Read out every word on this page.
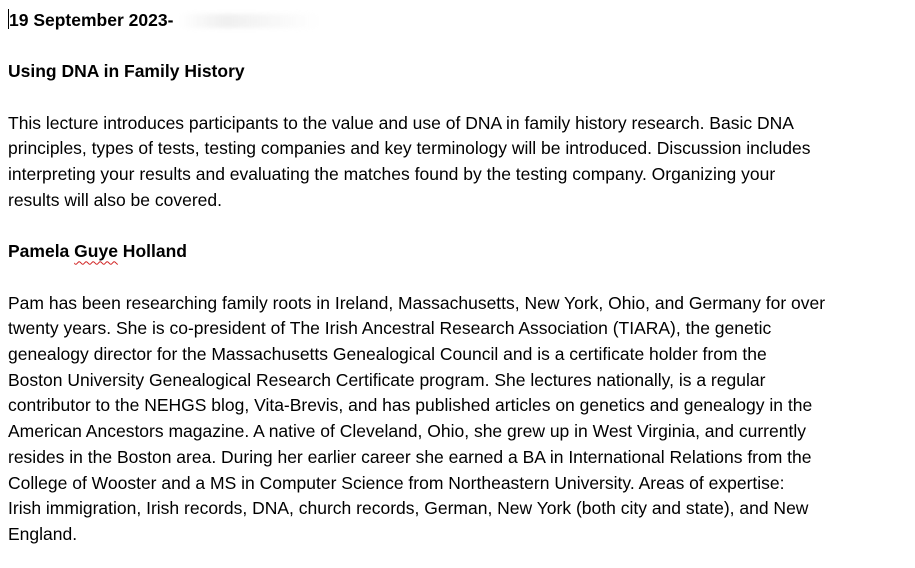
19 September 2023-
Using DNA in Family History
This lecture introduces participants to the value and use of DNA in family history research. Basic DNA
principles, types of tests, testing companies and key terminology will be introduced. Discussion includes
interpreting your results and evaluating the matches found by the testing company. Organizing your
results will also be covered.
Pamela Guye Holland
Pam has been researching family roots in Ireland, Massachusetts, New York, Ohio, and Germany for over
twenty years. She is co-president of The Irish Ancestral Research Association (TIARA), the genetic
genealogy director for the Massachusetts Genealogical Council and is a certificate holder from the
Boston University Genealogical Research Certificate program. She lectures nationally, is a regular
contributor to the NEHGS blog, Vita-Brevis, and has published articles on genetics and genealogy in the
American Ancestors magazine. A native of Cleveland, Ohio, she grew up in West Virginia, and currently
resides in the Boston area. During her earlier career she earned a BA in International Relations from the
College of Wooster and a MS in Computer Science from Northeastern University. Areas of expertise:
Irish immigration, Irish records, DNA, church records, German, New York (both city and state), and New
England.
